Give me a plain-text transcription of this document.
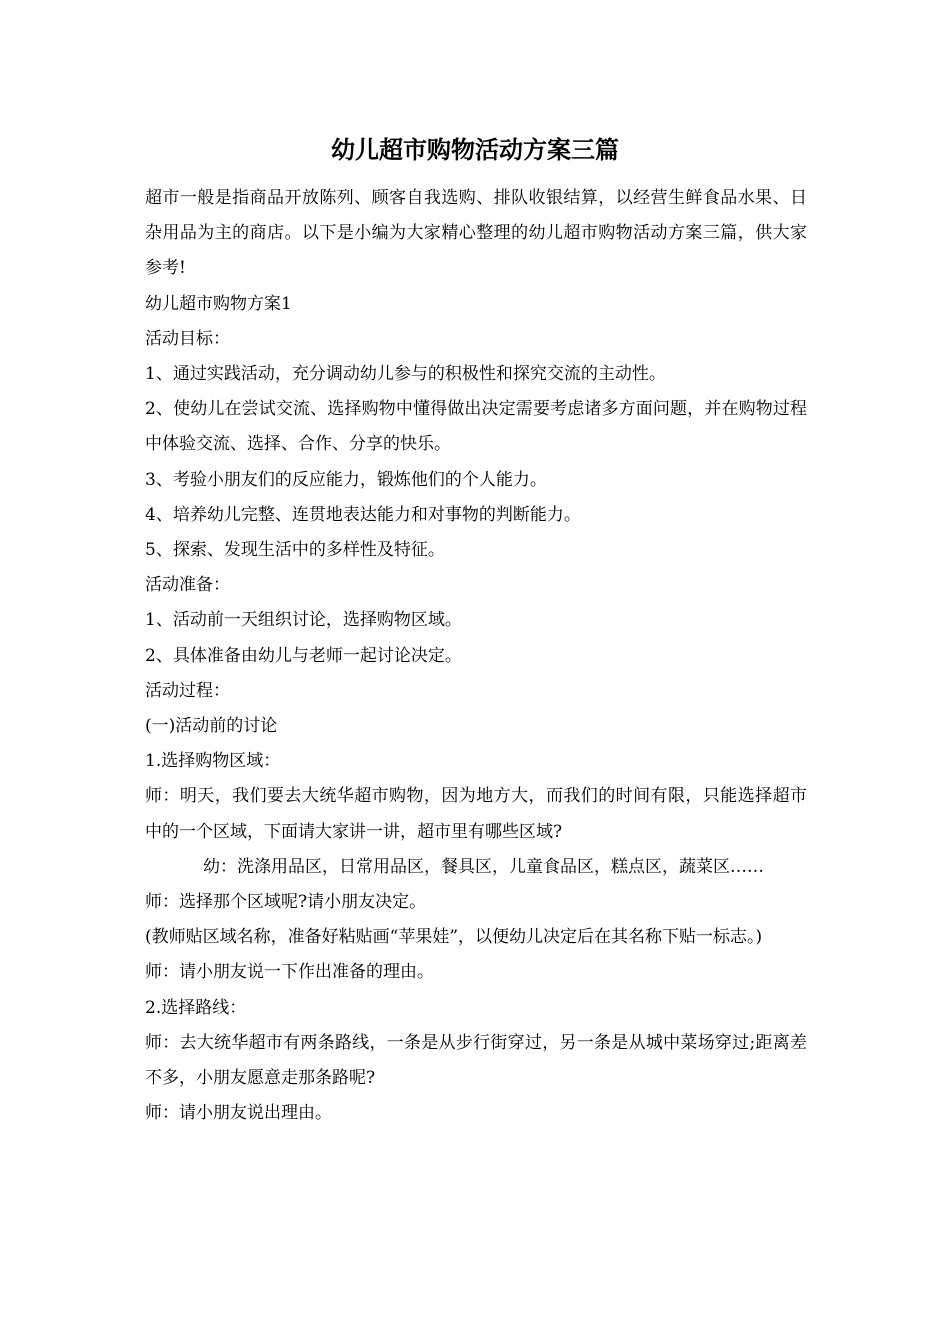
幼儿超市购物活动方案三篇

超市一般是指商品开放陈列、顾客自我选购、排队收银结算，以经营生鲜食品水果、日杂用品为主的商店。以下是小编为大家精心整理的幼儿超市购物活动方案三篇，供大家参考!

幼儿超市购物方案1

活动目标：

1、通过实践活动，充分调动幼儿参与的积极性和探究交流的主动性。

2、使幼儿在尝试交流、选择购物中懂得做出决定需要考虑诸多方面问题，并在购物过程中体验交流、选择、合作、分享的快乐。

3、考验小朋友们的反应能力，锻炼他们的个人能力。

4、培养幼儿完整、连贯地表达能力和对事物的判断能力。

5、探索、发现生活中的多样性及特征。

活动准备：

1、活动前一天组织讨论，选择购物区域。

2、具体准备由幼儿与老师一起讨论决定。

活动过程：

(一)活动前的讨论

1.选择购物区域：

师：明天，我们要去大统华超市购物，因为地方大，而我们的时间有限，只能选择超市中的一个区域，下面请大家讲一讲，超市里有哪些区域?

幼：洗涤用品区，日常用品区，餐具区，儿童食品区，糕点区，蔬菜区……

师：选择那个区域呢?请小朋友决定。

(教师贴区域名称，准备好粘贴画“苹果娃”，以便幼儿决定后在其名称下贴一标志。)

师：请小朋友说一下作出准备的理由。

2.选择路线：

师：去大统华超市有两条路线，一条是从步行街穿过，另一条是从城中菜场穿过;距离差不多，小朋友愿意走那条路呢?

师：请小朋友说出理由。
